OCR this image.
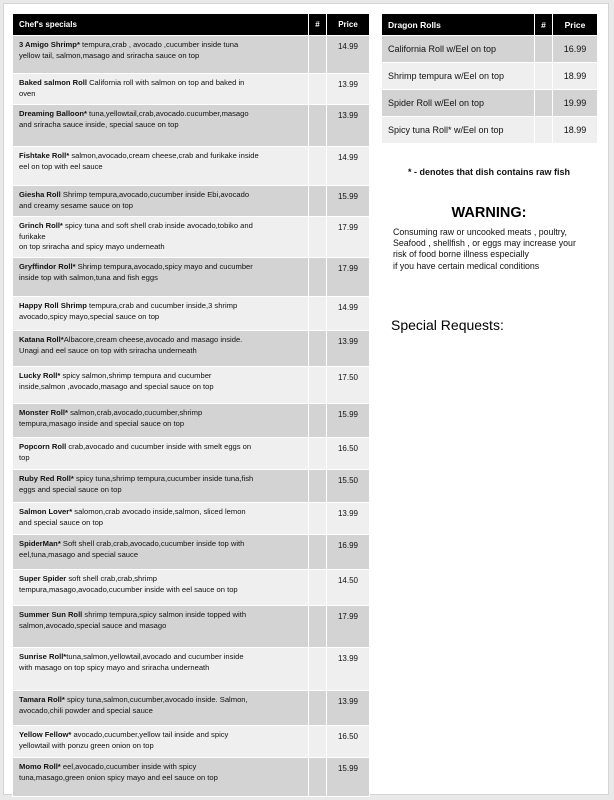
Chef's specials	#	Price
3 Amigo Shrimp* tempura,crab , avocado ,cucumber inside tuna
yellow tail, salmon,masago and sriracha sauce on top		14.99
Baked salmon Roll California roll with salmon on top and baked in
oven		13.99
Dreaming Balloon* tuna,yellowtail,crab,avocado.cucumber,masago
and sriracha sauce inside, special sauce on top		13.99
Fishtake Roll* salmon,avocado,cream cheese,crab and furikake inside
eel on top with eel sauce		14.99
Giesha Roll Shrimp tempura,avocado,cucumber inside Ebi,avocado
and creamy sesame sauce on top		15.99
Grinch Roll* spicy tuna and soft shell crab inside avocado,tobiko and
furikake
on top sriracha and spicy mayo underneath		17.99
Gryffindor Roll* Shrimp tempura,avocado,spicy mayo and cucumber
inside top with salmon,tuna and fish eggs		17.99
Happy Roll Shrimp tempura,crab and cucumber inside,3 shrimp
avocado,spicy mayo,special sauce on top		14.99
Katana Roll*Albacore,cream cheese,avocado and masago inside.
Unagi and eel sauce on top with sriracha underneath		13.99
Lucky Roll* spicy salmon,shrimp tempura and cucumber
inside,salmon ,avocado,masago and special sauce on top		17.50
Monster Roll* salmon,crab,avocado,cucumber,shrimp
tempura,masago inside and special sauce on top		15.99
Popcorn Roll crab,avocado and cucumber inside with smelt eggs on
top		16.50
Ruby Red Roll* spicy tuna,shrimp tempura,cucumber inside tuna,fish
eggs and special sauce on top		15.50
Salmon Lover* salomon,crab avocado inside,salmon, sliced lemon
and special sauce on top		13.99
SpiderMan* Soft shell crab,crab,avocado,cucumber inside top with
eel,tuna,masago and special sauce		16.99
Super Spider soft shell crab,crab,shrimp
tempura,masago,avocado,cucumber inside with eel sauce on top		14.50
Summer Sun Roll shrimp tempura,spicy salmon inside topped with
salmon,avocado,special sauce and masago		17.99
Sunrise Roll*tuna,salmon,yellowtail,avocado and cucumber inside
with masago on top spicy mayo and sriracha underneath		13.99
Tamara Roll* spicy tuna,salmon,cucumber,avocado inside. Salmon,
avocado,chili powder and special sauce		13.99
Yellow Fellow* avocado,cucumber,yellow tail inside and spicy
yellowtail with ponzu green onion on top		16.50
Momo Roll* eel,avocado,cucumber inside with spicy
tuna,masago,green onion spicy mayo and eel sauce on top		15.99
Dragon Rolls	#	Price
California Roll w/Eel on top		16.99
Shrimp tempura w/Eel on top		18.99
Spider Roll w/Eel on top		19.99
Spicy tuna Roll* w/Eel on top		18.99
* - denotes that dish contains raw fish
WARNING:
Consuming raw or uncooked meats , poultry,
Seafood , shellfish , or eggs may increase your
risk of food borne illness especially
if you have certain medical conditions
Special Requests:
